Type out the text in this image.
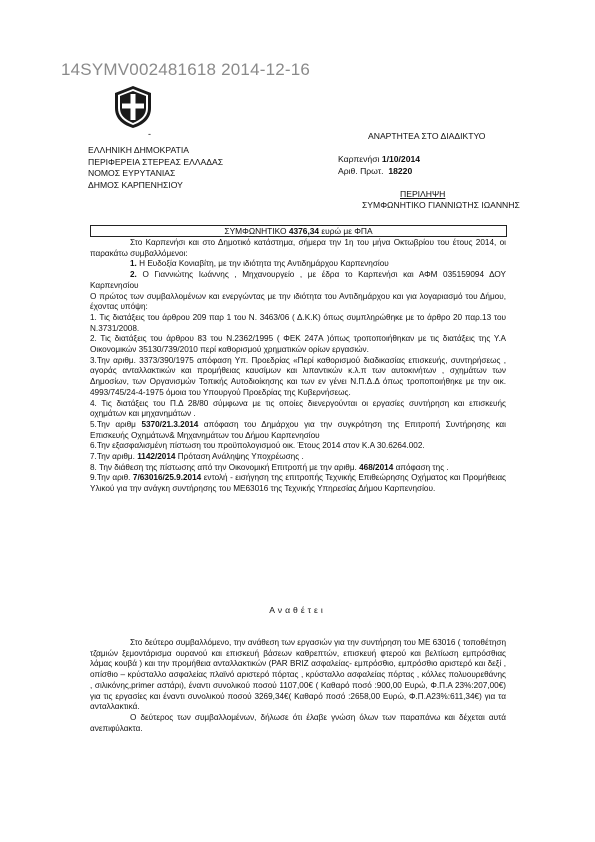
14SYMV002481618 2014-12-16
-	ΑΝΑΡΤΗΤΕΑ ΣΤΟ ΔΙΑΔΙΚΤΥΟ
ΕΛΛΗΝΙΚΗ ΔΗΜΟΚΡΑΤΙΑ
ΠΕΡΙΦΕΡΕΙΑ ΣΤΕΡΕΑΣ ΕΛΛΑΔΑΣ
ΝΟΜΟΣ ΕΥΡΥΤΑΝΙΑΣ
ΔΗΜΟΣ ΚΑΡΠΕΝΗΣΙΟΥ
Καρπενήσι 1/10/2014
Αριθ. Πρωτ. 18220
ΠΕΡΙΛΗΨΗ
ΣΥΜΦΩΝΗΤΙΚΟ ΓΙΑΝΝΙΩΤΗΣ ΙΩΑΝΝΗΣ
ΣΥΜΦΩΝΗΤΙΚΟ 4376,34 ευρώ με ΦΠΑ

Στο Καρπενήσι και στο Δημοτικό κατάστημα, σήμερα την 1η του μήνα Οκτωβρίου του έτους 2014, οι παρακάτω συμβαλλόμενοι:

1. Η Ευδοξία Κονιαβίτη, με την ιδιότητα της Αντιδημάρχου Καρπενησίου

2. Ο Γιαννιώτης Ιωάννης , Μηχανουργείο , με έδρα το Καρπενήσι και ΑΦΜ 035159094 ΔΟΥ Καρπενησίου

Ο πρώτος των συμβαλλομένων και ενεργώντας με την ιδιότητα του Αντιδημάρχου και για λογαριασμό του Δήμου, έχοντας υπόψη:

1. Τις διατάξεις του άρθρου 209 παρ 1 του Ν. 3463/06 ( Δ.Κ.Κ) όπως συμπληρώθηκε με το άρθρο 20 παρ.13 του Ν.3731/2008.

2. Τις διατάξεις του άρθρου 83 του Ν.2362/1995 ( ΦΕΚ 247Α )όπως τροποποιήθηκαν με τις διατάξεις της Υ.Α Οικονομικών 35130/739/2010 περί καθορισμού χρηματικών ορίων εργασιών.

3.Την αριθμ. 3373/390/1975 απόφαση Υπ. Προεδρίας «Περί καθορισμού διαδικασίας επισκευής, συντηρήσεως , αγοράς ανταλλακτικών και προμήθειας καυσίμων και λιπαντικών κ.λ.π των αυτοκινήτων , σχημάτων των Δημοσίων, των Οργανισμών Τοπικής Αυτοδιοίκησης και των εν γένει Ν.Π.Δ.Δ όπως τροποποιήθηκε με την οικ. 4993/745/24-4-1975 όμοια του Υπουργού Προεδρίας της Κυβερνήσεως.

4. Τις διατάξεις του Π.Δ 28/80 σύμφωνα με τις οποίες διενεργούνται οι εργασίες συντήρηση και επισκευής οχημάτων και μηχανημάτων .

5.Την αριθμ 5370/21.3.2014 απόφαση του Δημάρχου για την συγκρότηση της Επιτροπή Συντήρησης και Επισκευής Οχημάτων& Μηχανημάτων του Δήμου Καρπενησίου

6.Την εξασφαλισμένη πίστωση του προϋπολογισμού οικ. Έτους 2014 στον Κ.Α 30.6264.002.

7.Την αριθμ. 1142/2014 Πρόταση Ανάληψης Υποχρέωσης .

8. Την διάθεση της πίστωσης από την Οικονομική Επιτροπή με την αριθμ. 468/2014 απόφαση της .

9.Την αριθ. 7/63016/25.9.2014 εντολή - εισήγηση της επιτροπής Τεχνικής Επιθεώρησης Οχήματος και Προμήθειας Υλικού για την ανάγκη συντήρησης του ΜΕ63016 της Τεχνικής Υπηρεσίας Δήμου Καρπενησίου.

Αναθέτει

Στο δεύτερο συμβαλλόμενο, την ανάθεση των εργασιών για την συντήρηση του ΜΕ 63016 ( τοποθέτηση τζαμιών ξεμοντάρισμα ουρανού και επισκευή βάσεων καθρεπτών, επισκευή φτερού και βελτίωση εμπρόσθιας λάμας κουβά ) και την προμήθεια ανταλλακτικών (PAR BRIZ ασφαλείας- εμπρόσθιο, εμπρόσθιο αριστερό και δεξί , οπίσθιο – κρύσταλλο ασφαλείας πλαϊνό αριστερό πόρτας , κρύσταλλο ασφαλείας πόρτας , κόλλες πολυουρεθάνης , σιλικόνης,primer αστάρι), έναντι συνολικού ποσού 1107,00€ ( Καθαρό ποσό :900,00 Ευρώ, Φ.Π.Α 23%:207,00€) για τις εργασίες και έναντι συνολικού ποσού 3269,34€( Καθαρό ποσό :2658,00 Ευρώ, Φ.Π.Α23%:611,34€) για τα ανταλλακτικά.

Ο δεύτερος των συμβαλλομένων, δήλωσε ότι έλαβε γνώση όλων των παραπάνω και δέχεται αυτά ανεπιφύλακτα.
